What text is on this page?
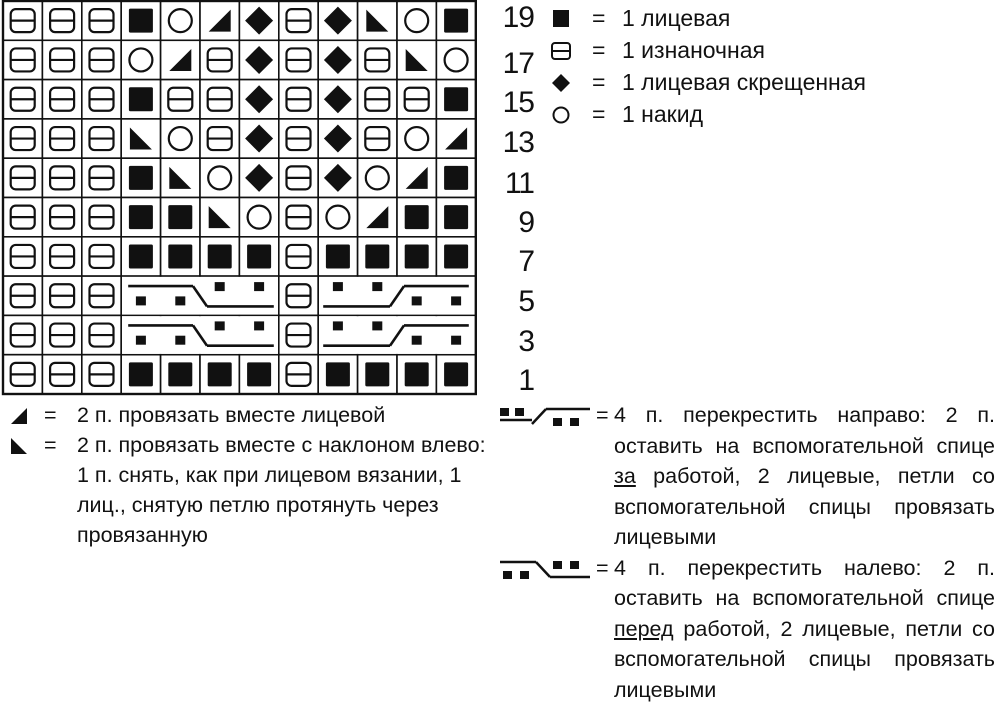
19
17
15
13
11
9
7
5
3
1
= 1 лицевая
= 1 изнаночная
= 1 лицевая скрещенная
= 1 накид
= 2 п. провязать вместе лицевой
= 2 п. провязать вместе с наклоном влево: 1 п. снять, как при лицевом вязании, 1 лиц., снятую петлю протянуть через провязанную
= 4 п. перекрестить направо: 2 п. оставить на вспомогательной спице за работой, 2 лицевые, петли со вспомогательной спицы провязать лицевыми
= 4 п. перекрестить налево: 2 п. оставить на вспомогательной спице перед работой, 2 лицевые, петли со вспомогательной спицы провязать лицевыми
